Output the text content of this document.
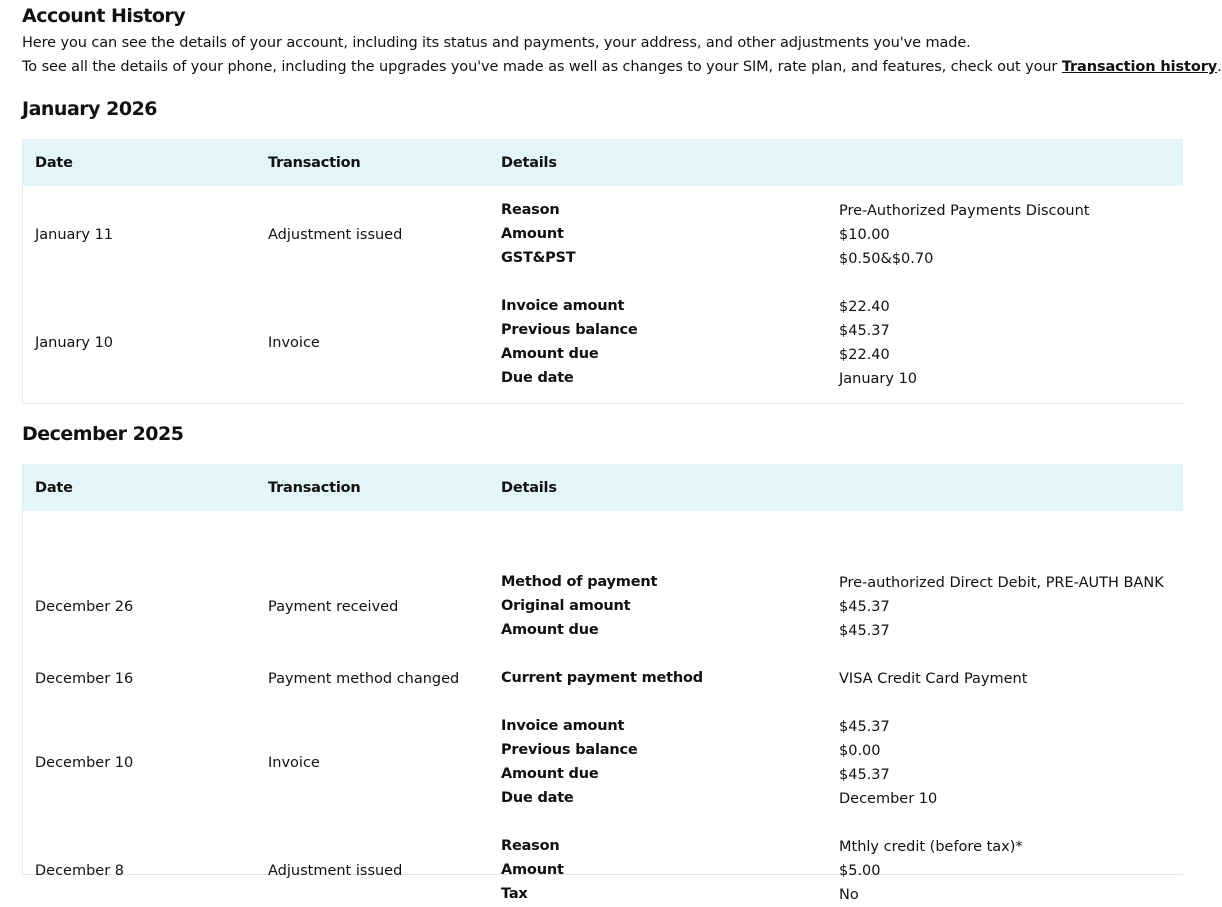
Account History
Here you can see the details of your account, including its status and payments, your address, and other adjustments you've made.
To see all the details of your phone, including the upgrades you've made as well as changes to your SIM, rate plan, and features, check out your Transaction history.
January 2026
Date	Transaction	Details
January 11	Adjustment issued
Reason	Pre-Authorized Payments Discount
Amount	$10.00
GST&PST	$0.50&$0.70
January 10	Invoice
Invoice amount	$22.40
Previous balance	$45.37
Amount due	$22.40
Due date	January 10
December 2025
Date	Transaction	Details
December 26	Payment received
Method of payment	Pre-authorized Direct Debit, PRE-AUTH BANK
Original amount	$45.37
Amount due	$45.37
December 16	Payment method changed	Current payment method	VISA Credit Card Payment
December 10	Invoice
Invoice amount	$45.37
Previous balance	$0.00
Amount due	$45.37
Due date	December 10
December 8	Adjustment issued
Reason	Mthly credit (before tax)*
Amount	$5.00
Tax	No
